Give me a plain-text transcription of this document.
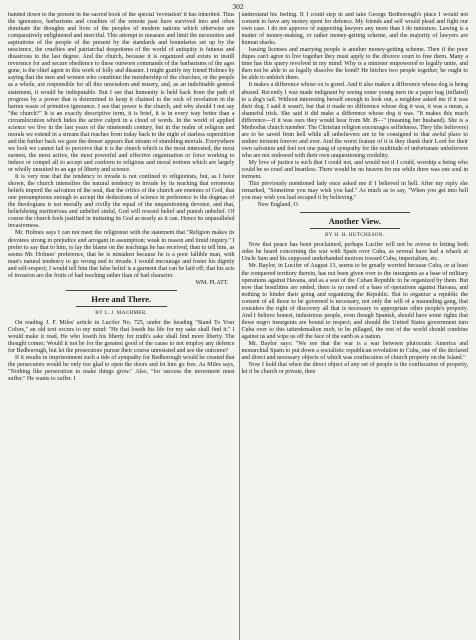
302

handed down to the present in the sacred book of the special 'revelation' it has inherited. Thus the ignorance, barbarisms and cruelties of the remote past have survived into and often dominate the thoughts and lives of the peoples of modern nations which otherwise are comparatively enlightened and merciful. This attempt to measure and limit the necessities and aspirations of the people of the present by the standards and boundaries set up by the nescience, the cruelties and patriarchal despotisms of the world of antiquity is fatuous and disastrous to the last degree. And the church, because it is organized and exists to instill reverence for and secure obedience to these outworn commands of the barbarisms of the ages gone, is the chief agent in this work of folly and disaster. I might gratify my friend Holmes by saying that the men and women who constitute the membership of the churches, or the people as a whole, are responsible for all this unwisdom and misery, and, as an indefinable general statement, it would be indisputable. But I see that humanity is held back from the path of progress by a power that is determined to keep it chained to the rock of revelation in the barren waste of primitive ignorance. I see that power is the church, and why should I not say "the church?" It is an exactly descriptive term, it is brief, it is in every way better than a circumlocution which hides the active culprit in a cloud of words. In the world of applied science we live in the last years of the nineteenth century, but in the realm of religion and morals we extend in a stream that reaches from today back to the night of starless superstition and the further back we gaze the denser appears that stream of stumbling mortals. Everywhere we look we cannot fail to perceive that it is the church which is the most interested, the most earnest, the most active, the most powerful and effective organization or force working to induce or compel all to accept and conform to religious and moral notions which are largely or wholly unsuited to an age of liberty and science.

It is very true that the tendency to invade is not confined to religionists, but, as I have shown, the church intensifies the natural tendency to invade by its teaching that erroneous beliefs imperil the salvation of the soul, that the critics of the church are enemies of God, that one presumptuous enough to accept the deductions of science in preference to the dogmas of the theologians is not morally and civilly the equal of the unquestioning devotee, and that, beliefsbeing meritorious and unbelief sinful, God will reward belief and punish unbelief. Of course the church feels justified in imitating its God as nearly as it can. Hence its unparalleled invasiveness.

Mr. Holmes says I can not meet the religionist with the statement that "Religion makes its devotees strong in prejudice and arrogant in assumption; weak in reason and timid inquiry." I prefer to say that to him, to lay the blame on the teachings he has received, than to tell him, as seems Mr. Holmes' preference, that he is mistaken because he is a poor fallible man, with man's natural tendency to go wrong and to invade. I would encourage and foster his dignity and self-respect; I would tell him that false belief is a garment that can be laid off; that his acts of invasion are the fruits of bad teaching rather than of bad character.

WM. PLATT.

Here and There.
BY L. J. MACHMER.

On reading J. F. Miles' article in Lucifer No. 725, under the heading "Stand To Your Colors," an old text occurs to my mind: "He that loseth his life for my sake shall find it." I would make it read, He who loseth his liberty for truth's sake shall find more liberty. The thought comes: Would it not be for the greatest good of the cause to not employ any defence for Bedborough, but let the prosecutors pursue their course unresisted and see the outcome?

If it results in imprisonment such a tide of sympathy for Bedborough would be created that the persecutors would be only too glad to open the doors and let him go free. As Miles says, "Nothing like persecution to make things grow." Also, "for success the movement must suffer." He wants to suffer. I

understand his feeling. If I could step in and take George Bedborough's place I would not consent to have any money spent for defence. My friends and self would plead and fight our own case. I do not approve of supporting lawyers any more than I do ministers. Lawing is a matter of money-making, or rather money-getting scheme, and the majority of lawyers are human sharks.

Issuing licenses and marrying people is another money-getting scheme. Then if the poor dupes can't agree to live together they must apply to the divorce court to free them. Many a time has this query revolved in my mind: Why is a minister empowered to legally unite, and then not be able to as legally dissolve the bond? He hitches two people together, he ought to be able to unhitch them.

It makes a difference whose ox is gored. And it also makes a difference whose dog is being abused. Recently I was made indignant by seeing some young men tie a paper bag (inflated) to a dog's tail. Without interesting herself enough to look out, a neighbor asked me if it was their dog. I said it wasn't, but that it made no difference whose dog it was, it was a mean, a shameful trick. She said it did make a difference whose dog it was. "It makes this much difference—if it was ours they would hear from Mr. B—" (meaning her husband). She is a Methodist church member. The Christian religion encourages selfishness. They (the believers) are to be saved from hell while all unbelievers are to be consigned to that awful place to endure torment forever and ever. And the worst feature of it is they thank their Lord for their own salvation and feel not one pang of sympathy for the multitude of unfortunate unbelievers who are not endowed with their own unquestioning credulity.

My love of justice is such that I could not, and would not if I could, worship a being who could be so cruel and heartless. There would be no heaven for me while there was one soul in torment.

This previously mentioned lady once asked me if I believed in hell. After my reply she remarked, "Sometime you may wish you had." As much as to say, "When you get into hell you may wish you had escaped it by believing."

New England, O.

Another View.
BY H. H. HUTCHESON.

Now that peace has been proclaimed, perhaps Lucifer will not be averse to letting both sides be heard concerning the war with Spain over Cuba, as several have had a whack at Uncle Sam and his supposed underhanded motives toward Cuba, imperialism, etc.

Mr. Baylor, in Lucifer of August 13, seems to be greatly worried because Cuba, or at least the conquered territory therein, has not been given over to the insurgents as a base of military operations against Havana, and as a seat of the Cuban Republic to be organized by them. But now that hostilities are ended, there is no need of a base of operations against Havana, and nothing to hinder their going and organizing the Republic. But to organize a republic the consent of all those to be governed is necessary, not only the will of a marauding gang, that considers the right of discovery all that is necessary to appropriate other people's property. And I believe honest, industrious people, even though Spanish, should have some rights that those negro insurgents are bound to respect; and should the United States government turn Cuba over to this tatterdemalion mob, to be pillaged, the rest of the world should combine against us and wipe us off the face of the earth as a nation.

Mr. Baylor says: "We see that the war is a war between plutocratic America and monarchial Spain to put down a socialistic republican revolution in Cuba, one of the declared and direct and necessary objects of which was confiscation of church property on the Island."

Now I hold that when the direct object of any set of people is the confiscation of property, let it be church or private, then
